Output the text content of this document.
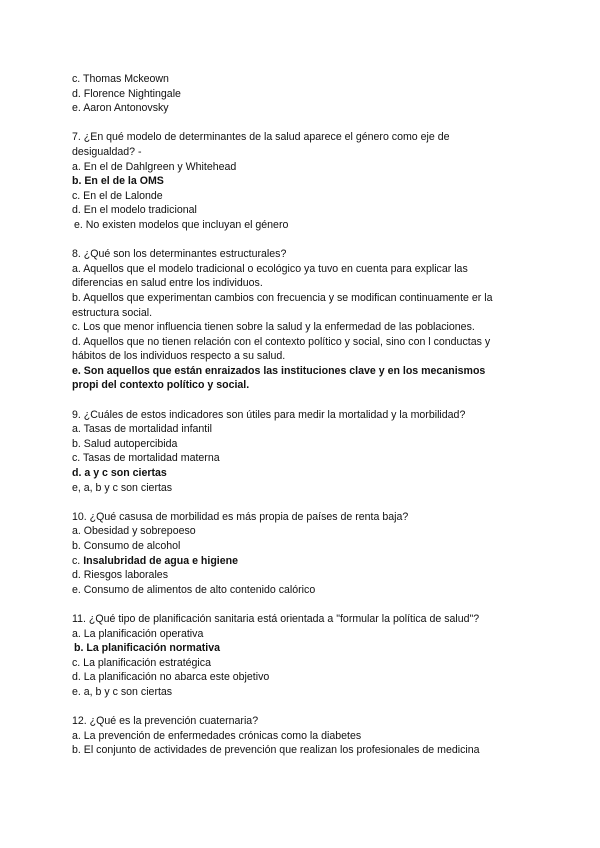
c. Thomas Mckeown
d. Florence Nightingale
e. Aaron Antonovsky
7. ¿En qué modelo de determinantes de la salud aparece el género como eje de desigualdad? -
a. En el de Dahlgreen y Whitehead
b. En el de la OMS
c. En el de Lalonde
d. En el modelo tradicional
e. No existen modelos que incluyan el género
8. ¿Qué son los determinantes estructurales?
a. Aquellos que el modelo tradicional o ecológico ya tuvo en cuenta para explicar las diferencias en salud entre los individuos.
b. Aquellos que experimentan cambios con frecuencia y se modifican continuamente er la estructura social.
c. Los que menor influencia tienen sobre la salud y la enfermedad de las poblaciones.
d. Aquellos que no tienen relación con el contexto político y social, sino con l conductas y hábitos de los individuos respecto a su salud.
e. Son aquellos que están enraizados las instituciones clave y en los mecanismos propi del contexto político y social.
9. ¿Cuáles de estos indicadores son útiles para medir la mortalidad y la morbilidad?
a. Tasas de mortalidad infantil
b. Salud autopercibida
c. Tasas de mortalidad materna
d. a y c son ciertas
e, a, b y c son ciertas
10. ¿Qué casusa de morbilidad es más propia de países de renta baja?
a. Obesidad y sobrepoeso
b. Consumo de alcohol
c. Insalubridad de agua e higiene
d. Riesgos laborales
e. Consumo de alimentos de alto contenido calórico
11. ¿Qué tipo de planificación sanitaria está orientada a "formular la política de salud"?
a. La planificación operativa
b. La planificación normativa
c. La planificación estratégica
d. La planificación no abarca este objetivo
e. a, b y c son ciertas
12. ¿Qué es la prevención cuaternaria?
a. La prevención de enfermedades crónicas como la diabetes
b. El conjunto de actividades de prevención que realizan los profesionales de medicina
